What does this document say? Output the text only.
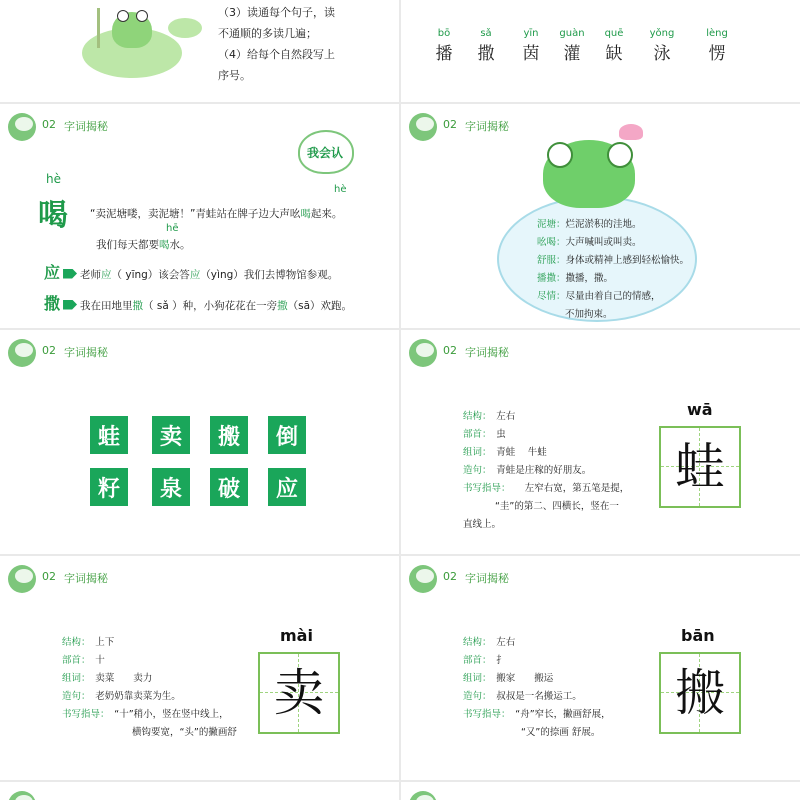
（3）读通每个句子，读
不通顺的多读几遍；
（4）给每个自然段写上
序号。
bō
播
sǎ
撒
yīn
茵
guàn
灌
quē
缺
yǒng
泳
lèng
愣
02 字词揭秘
我会认
hè
喝
hè
“卖泥塘喽，卖泥塘！”青蛙站在牌子边大声吆喝起来。
hē
我们每天都要喝水。
应 老师应（ yīng）该会答应（yìng）我们去博物馆参观。
撒 我在田地里撒（ sǎ ）种，小狗花花在一旁撒（sā）欢跑。
02 字词揭秘
泥塘：烂泥淤积的洼地。
吆喝：大声喊叫或叫卖。
舒服：身体或精神上感到轻松愉快。
播撒：撒播，撒。
尽情：尽量由着自己的情感，
不加拘束。
02 字词揭秘
蛙	卖	搬	倒
籽	泉	破	应
02 字词揭秘
结构：　 左右
部首：　 虫
组词：　 青蛙　 牛蛙
造句：　 青蛙是庄稼的好朋友。
书写指导：　　左窄右宽，第五笔是提，
“圭”的第二、四横长，竖在一
直线上。
wā
蛙
02 字词揭秘
结构：　 上下
部首：　 十
组词：　 卖菜　　卖力
造句：　 老奶奶靠卖菜为生。
书写指导：　 “十”稍小，竖在竖中线上，
横钩要宽，“头”的撇画舒
mài
卖
02 字词揭秘
结构：　 左右
部首：　 扌
组词：　 搬家　　搬运
造句：　 叔叔是一名搬运工。
书写指导：　 “舟”窄长，撇画舒展，
“又”的捺画 舒展。
bān
搬
